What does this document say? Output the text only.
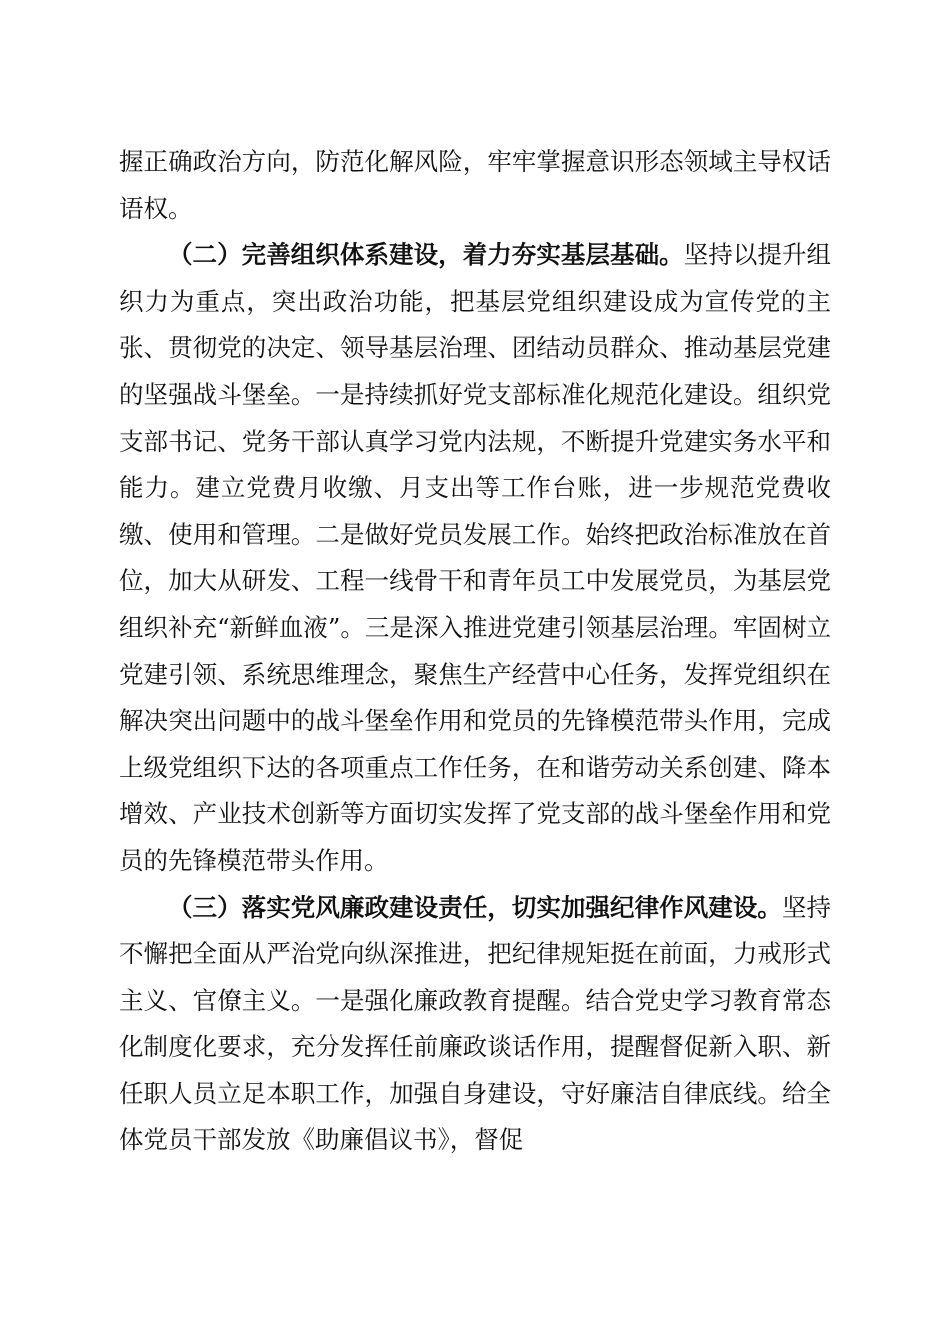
握正确政治方向，防范化解风险，牢牢掌握意识形态领域主导权话语权。

（二）完善组织体系建设，着力夯实基层基础。坚持以提升组织力为重点，突出政治功能，把基层党组织建设成为宣传党的主张、贯彻党的决定、领导基层治理、团结动员群众、推动基层党建的坚强战斗堡垒。一是持续抓好党支部标准化规范化建设。组织党支部书记、党务干部认真学习党内法规，不断提升党建实务水平和能力。建立党费月收缴、月支出等工作台账，进一步规范党费收缴、使用和管理。二是做好党员发展工作。始终把政治标准放在首位，加大从研发、工程一线骨干和青年员工中发展党员，为基层党组织补充“新鲜血液”。三是深入推进党建引领基层治理。牢固树立党建引领、系统思维理念，聚焦生产经营中心任务，发挥党组织在解决突出问题中的战斗堡垒作用和党员的先锋模范带头作用，完成上级党组织下达的各项重点工作任务，在和谐劳动关系创建、降本增效、产业技术创新等方面切实发挥了党支部的战斗堡垒作用和党员的先锋模范带头作用。

（三）落实党风廉政建设责任，切实加强纪律作风建设。坚持不懈把全面从严治党向纵深推进，把纪律规矩挺在前面，力戒形式主义、官僚主义。一是强化廉政教育提醒。结合党史学习教育常态化制度化要求，充分发挥任前廉政谈话作用，提醒督促新入职、新任职人员立足本职工作，加强自身建设，守好廉洁自律底线。给全体党员干部发放《助廉倡议书》，督促
